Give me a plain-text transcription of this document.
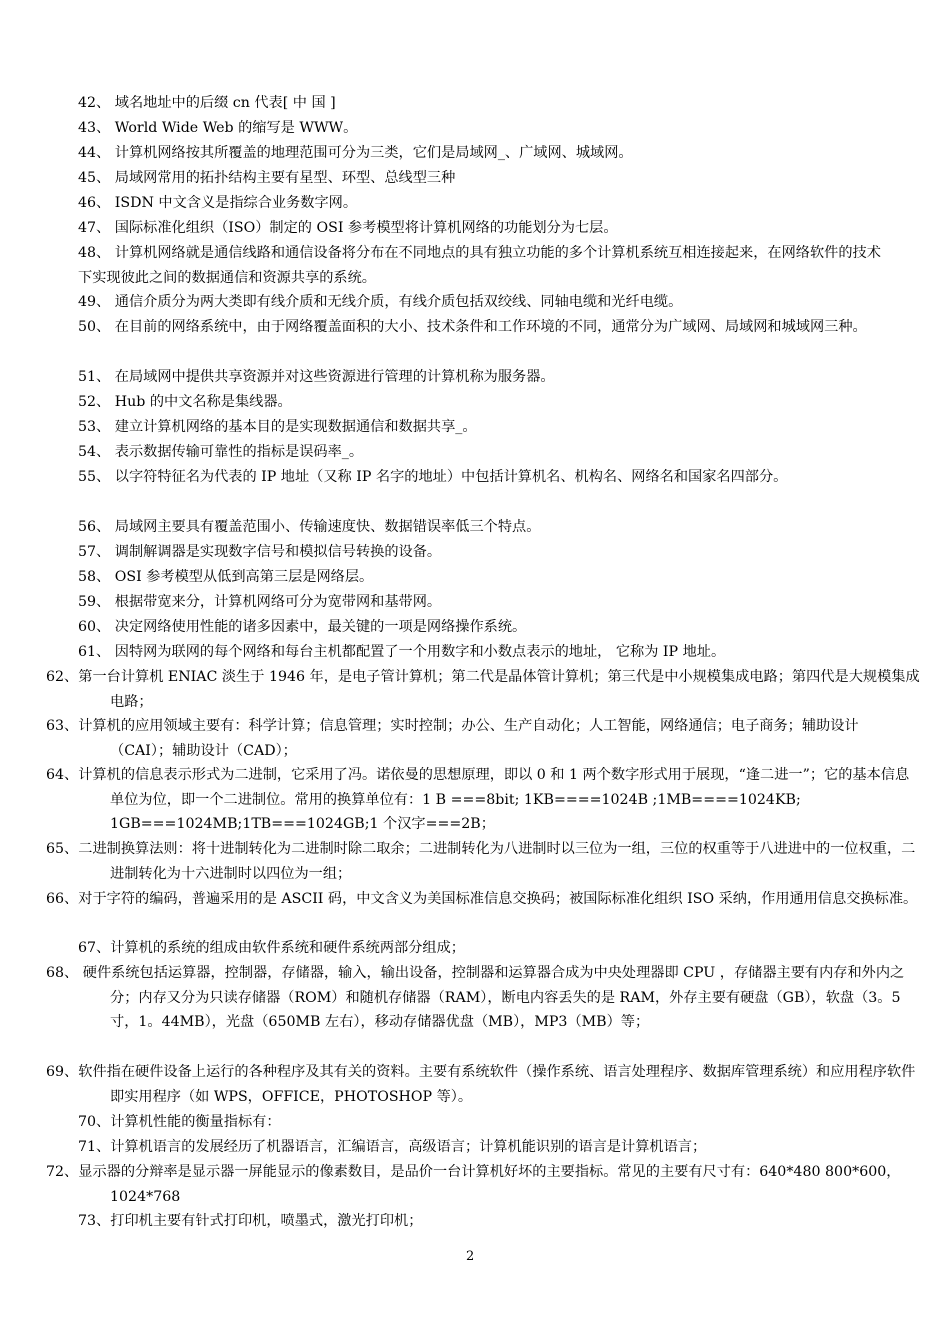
42、 域名地址中的后缀 cn 代表[ 中 国 ]
43、 World Wide Web 的缩写是 WWW。
44、 计算机网络按其所覆盖的地理范围可分为三类，它们是局域网_、广域网、城域网。
45、 局域网常用的拓扑结构主要有星型、环型、总线型三种
46、 ISDN 中文含义是指综合业务数字网。
47、 国际标准化组织（ISO）制定的 OSI 参考模型将计算机网络的功能划分为七层。
48、 计算机网络就是通信线路和通信设备将分布在不同地点的具有独立功能的多个计算机系统互相连接起来，在网络软件的技术下实现彼此之间的数据通信和资源共享的系统。
49、 通信介质分为两大类即有线介质和无线介质，有线介质包括双绞线、同轴电缆和光纤电缆。
50、 在目前的网络系统中，由于网络覆盖面积的大小、技术条件和工作环境的不同，通常分为广域网、局域网和城域网三种。
51、 在局域网中提供共享资源并对这些资源进行管理的计算机称为服务器。
52、 Hub 的中文名称是集线器。
53、 建立计算机网络的基本目的是实现数据通信和数据共享_。
54、 表示数据传输可靠性的指标是误码率_。
55、 以字符特征名为代表的 IP 地址（又称 IP 名字的地址）中包括计算机名、机构名、网络名和国家名四部分。
56、 局域网主要具有覆盖范围小、传输速度快、数据错误率低三个特点。
57、 调制解调器是实现数字信号和模拟信号转换的设备。
58、 OSI 参考模型从低到高第三层是网络层。
59、 根据带宽来分，计算机网络可分为宽带网和基带网。
60、 决定网络使用性能的诸多因素中，最关键的一项是网络操作系统。
61、 因特网为联网的每个网络和每台主机都配置了一个用数字和小数点表示的地址， 它称为 IP 地址。
62、第一台计算机 ENIAC 淡生于 1946 年，是电子管计算机；第二代是晶体管计算机；第三代是中小规模集成电路；第四代是大规模集成电路；
63、计算机的应用领域主要有：科学计算；信息管理；实时控制；办公、生产自动化；人工智能，网络通信；电子商务；辅助设计（CAI）；辅助设计（CAD）；
64、计算机的信息表示形式为二进制，它采用了冯。诺依曼的思想原理，即以 0 和 1 两个数字形式用于展现，“逢二进一”；它的基本信息单位为位，即一个二进制位。常用的换算单位有：1 B ===8bit; 1KB====1024B ;1MB====1024KB; 1GB===1024MB;1TB===1024GB;1 个汉字===2B；
65、二进制换算法则：将十进制转化为二进制时除二取余；二进制转化为八进制时以三位为一组，三位的权重等于八进进中的一位权重，二进制转化为十六进制时以四位为一组；
66、对于字符的编码，普遍采用的是 ASCII 码，中文含义为美国标准信息交换码；被国际标准化组织 ISO 采纳，作用通用信息交换标准。
67、计算机的系统的组成由软件系统和硬件系统两部分组成；
68、 硬件系统包括运算器，控制器，存储器，输入，输出设备，控制器和运算器合成为中央处理器即 CPU ，存储器主要有内存和外内之分；内存又分为只读存储器（ROM）和随机存储器（RAM），断电内容丢失的是 RAM，外存主要有硬盘（GB），软盘（3。5 寸，1。44MB），光盘（650MB 左右），移动存储器优盘（MB），MP3（MB）等；
69、软件指在硬件设备上运行的各种程序及其有关的资料。主要有系统软件（操作系统、语言处理程序、数据库管理系统）和应用程序软件即实用程序（如 WPS，OFFICE，PHOTOSHOP 等）。
70、计算机性能的衡量指标有：
71、计算机语言的发展经历了机器语言，汇编语言，高级语言；计算机能识别的语言是计算机语言；
72、显示器的分辩率是显示器一屏能显示的像素数目，是品价一台计算机好坏的主要指标。常见的主要有尺寸有：640*480 800*600，1024*768
73、打印机主要有针式打印机，喷墨式，激光打印机；
2
